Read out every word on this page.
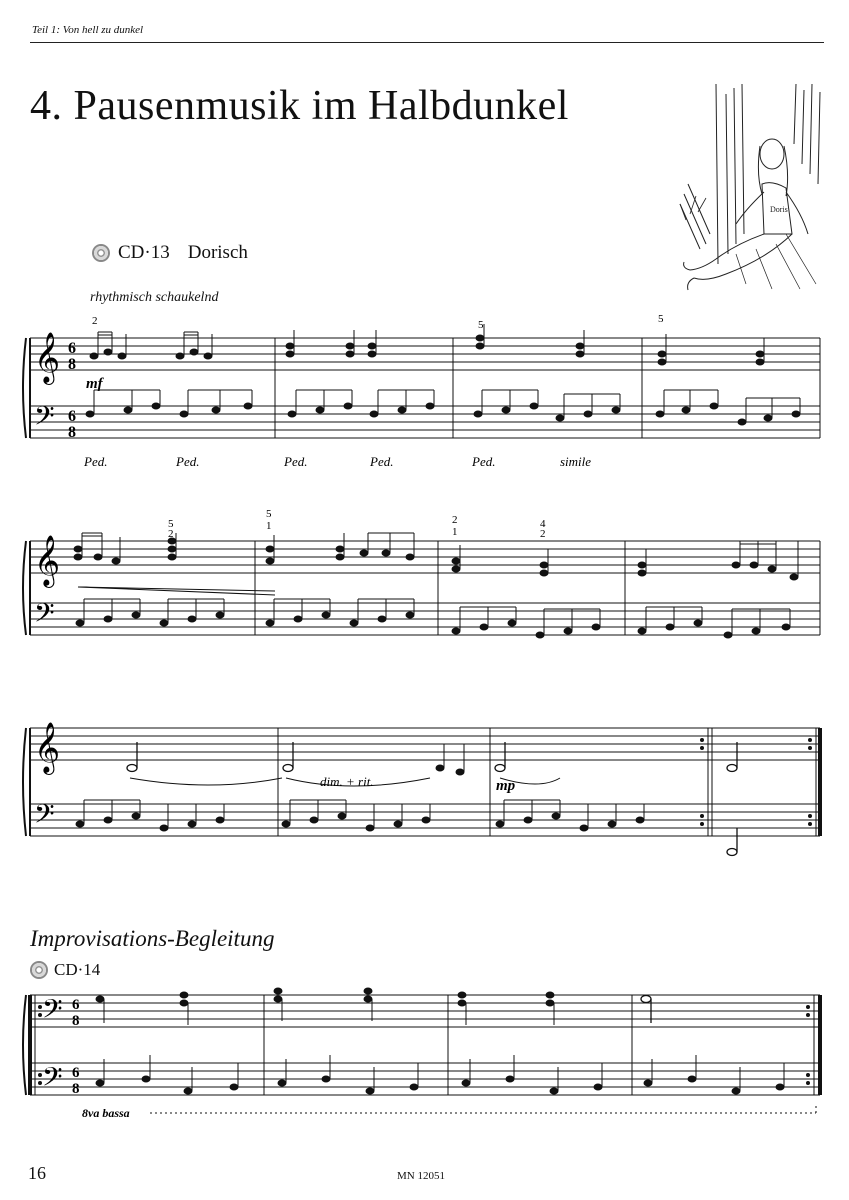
Teil 1: Von hell zu dunkel
4. Pausenmusik im Halbdunkel
Doris
CD·13 Dorisch
rhythmisch schaukelnd
𝄞
𝄢
6
8
6
8
2
mf
5	5
Ped.	Ped.	Ped.	Ped.	Ped.	simile
𝄞
𝄢
5
2
5
1	2
1
4
2
𝄞
𝄢
dim. + rit.	mp
Improvisations-Begleitung
CD·14
𝄢
𝄢
6
8
6
8
8va bassa
16	MN 12051
